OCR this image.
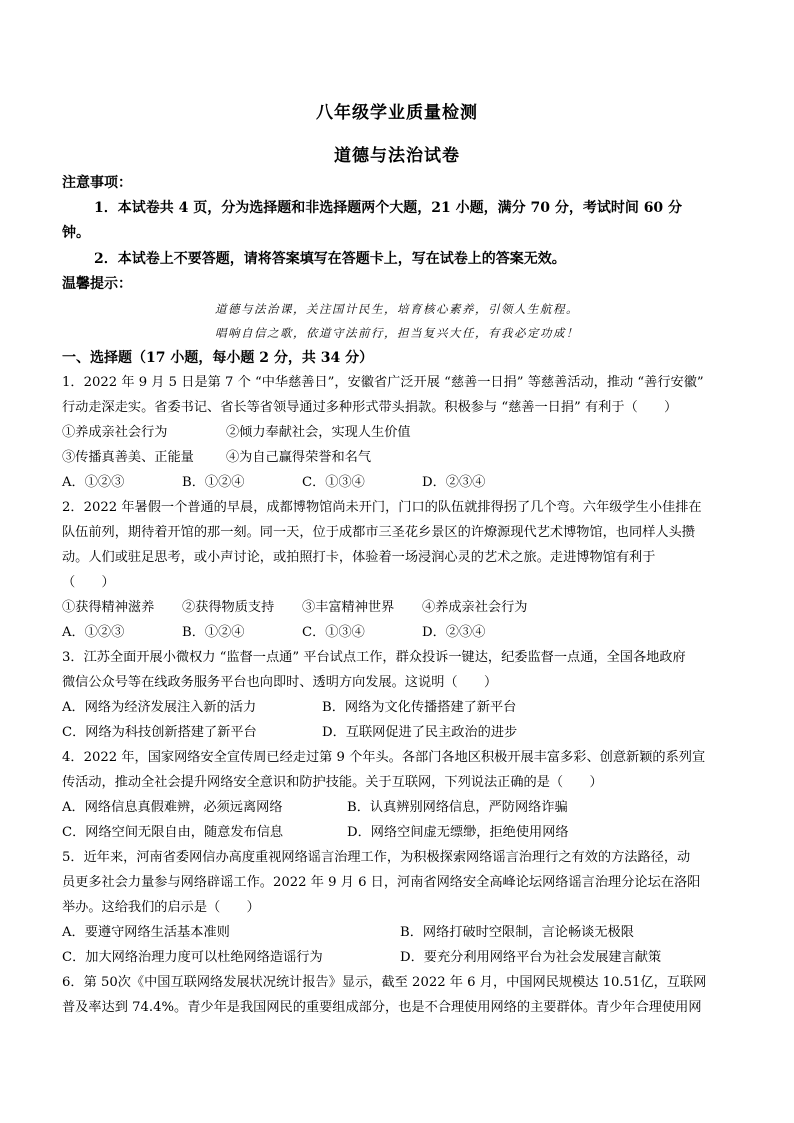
八年级学业质量检测
道德与法治试卷
注意事项：
1．本试卷共 4 页，分为选择题和非选择题两个大题，21 小题，满分 70 分，考试时间 60 分
钟。
2．本试卷上不要答题，请将答案填写在答题卡上，写在试卷上的答案无效。
温馨提示：
道德与法治课，关注国计民生，培育核心素养，引领人生航程。
唱响自信之歌，依道守法前行，担当复兴大任，有我必定功成！
一、选择题（17 小题，每小题 2 分，共 34 分）
1．2022 年 9 月 5 日是第 7 个 “中华慈善日”，安徽省广泛开展 “慈善一日捐” 等慈善活动，推动 “善行安徽”
行动走深走实。省委书记、省长等省领导通过多种形式带头捐款。积极参与 “慈善一日捐” 有利于（　　）
①养成亲社会行为	②倾力奉献社会，实现人生价值
③传播真善美、正能量 ④为自己赢得荣誉和名气
A．①②③	B．①②④	C．①③④	D．②③④
2．2022 年暑假一个普通的早晨，成都博物馆尚未开门，门口的队伍就排得拐了几个弯。六年级学生小佳排在
队伍前列，期待着开馆的那一刻。同一天，位于成都市三圣花乡景区的许燎源现代艺术博物馆，也同样人头攒
动。人们或驻足思考，或小声讨论，或拍照打卡，体验着一场浸润心灵的艺术之旅。走进博物馆有利于
（　　）
①获得精神滋养 ②获得物质支持 ③丰富精神世界 ④养成亲社会行为
A．①②③	B．①②④	C．①③④	D．②③④
3．江苏全面开展小微权力 “监督一点通” 平台试点工作，群众投诉一键达，纪委监督一点通，全国各地政府
微信公众号等在线政务服务平台也向即时、透明方向发展。这说明（　　）
A．网络为经济发展注入新的活力	B．网络为文化传播搭建了新平台
C．网络为科技创新搭建了新平台	D．互联网促进了民主政治的进步
4．2022 年，国家网络安全宣传周已经走过第 9 个年头。各部门各地区积极开展丰富多彩、创意新颖的系列宣
传活动，推动全社会提升网络安全意识和防护技能。关于互联网，下列说法正确的是（　　）
A．网络信息真假难辨，必须远离网络	B．认真辨别网络信息，严防网络诈骗
C．网络空间无限自由，随意发布信息	D．网络空间虚无缥缈，拒绝使用网络
5．近年来，河南省委网信办高度重视网络谣言治理工作，为积极探索网络谣言治理行之有效的方法路径，动
员更多社会力量参与网络辟谣工作。2022 年 9 月 6 日，河南省网络安全高峰论坛网络谣言治理分论坛在洛阳
举办。这给我们的启示是（　　）
A．要遵守网络生活基本准则	B．网络打破时空限制，言论畅谈无极限
C．加大网络治理力度可以杜绝网络造谣行为	D．要充分利用网络平台为社会发展建言献策
6．第 50次《中国互联网络发展状况统计报告》显示，截至 2022 年 6 月，中国网民规模达 10.51亿，互联网
普及率达到 74.4%。青少年是我国网民的重要组成部分，也是不合理使用网络的主要群体。青少年合理使用网
